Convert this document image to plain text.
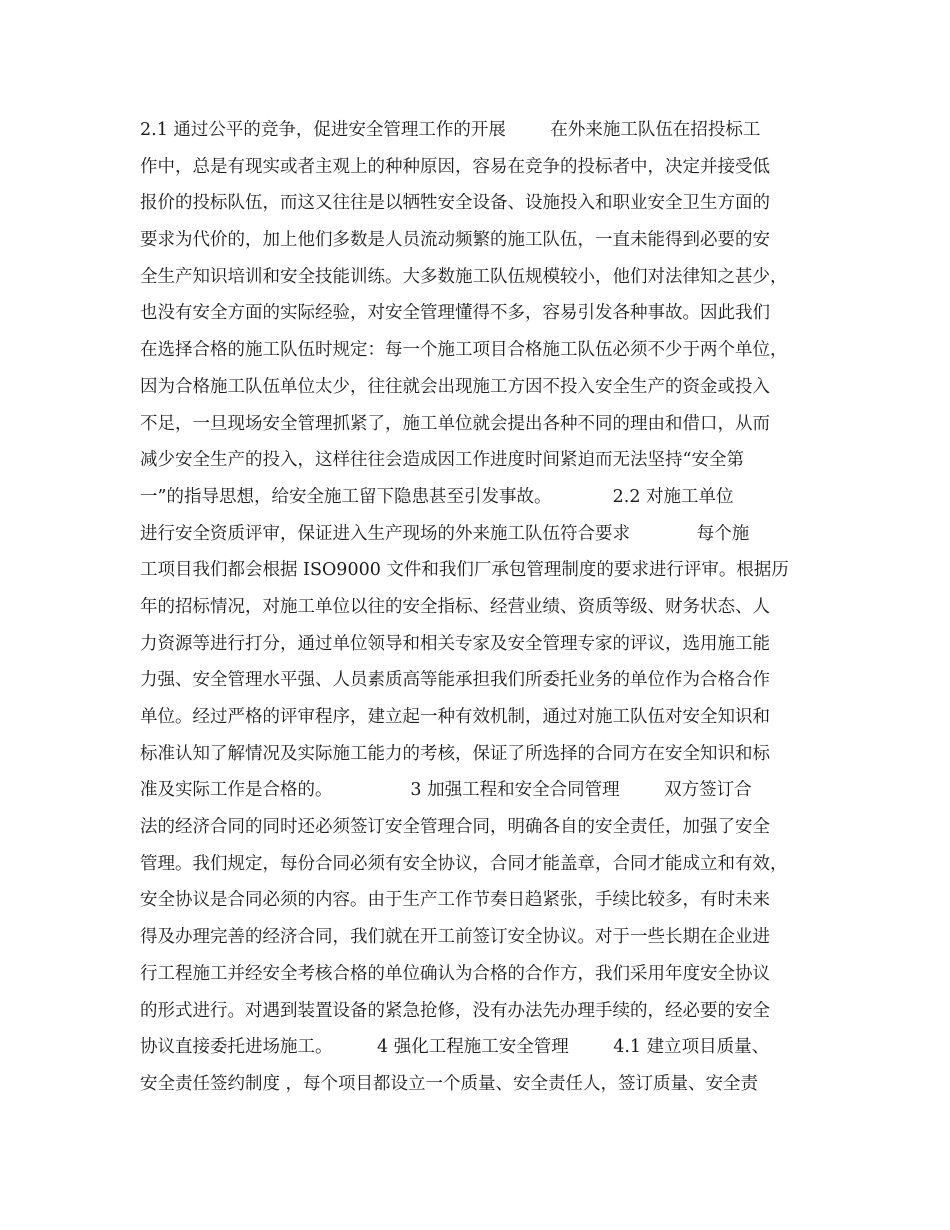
2.1 通过公平的竞争，促进安全管理工作的开展        在外来施工队伍在招投标工
作中，总是有现实或者主观上的种种原因，容易在竞争的投标者中，决定并接受低
报价的投标队伍，而这又往往是以牺牲安全设备、设施投入和职业安全卫生方面的
要求为代价的，加上他们多数是人员流动频繁的施工队伍，一直未能得到必要的安
全生产知识培训和安全技能训练。大多数施工队伍规模较小，他们对法律知之甚少，
也没有安全方面的实际经验，对安全管理懂得不多，容易引发各种事故。因此我们
在选择合格的施工队伍时规定：每一个施工项目合格施工队伍必须不少于两个单位，
因为合格施工队伍单位太少，往往就会出现施工方因不投入安全生产的资金或投入
不足，一旦现场安全管理抓紧了，施工单位就会提出各种不同的理由和借口，从而
减少安全生产的投入，这样往往会造成因工作进度时间紧迫而无法坚持“安全第
一”的指导思想，给安全施工留下隐患甚至引发事故。           2.2 对施工单位
进行安全资质评审，保证进入生产现场的外来施工队伍符合要求            每个施
工项目我们都会根据 ISO9000 文件和我们厂承包管理制度的要求进行评审。根据历
年的招标情况，对施工单位以往的安全指标、经营业绩、资质等级、财务状态、人
力资源等进行打分，通过单位领导和相关专家及安全管理专家的评议，选用施工能
力强、安全管理水平强、人员素质高等能承担我们所委托业务的单位作为合格合作
单位。经过严格的评审程序，建立起一种有效机制，通过对施工队伍对安全知识和
标准认知了解情况及实际施工能力的考核，保证了所选择的合同方在安全知识和标
准及实际工作是合格的。              3 加强工程和安全合同管理        双方签订合
法的经济合同的同时还必须签订安全管理合同，明确各自的安全责任，加强了安全
管理。我们规定，每份合同必须有安全协议，合同才能盖章，合同才能成立和有效，
安全协议是合同必须的内容。由于生产工作节奏日趋紧张，手续比较多，有时未来
得及办理完善的经济合同，我们就在开工前签订安全协议。对于一些长期在企业进
行工程施工并经安全考核合格的单位确认为合格的合作方，我们采用年度安全协议
的形式进行。对遇到装置设备的紧急抢修，没有办法先办理手续的，经必要的安全
协议直接委托进场施工。        4 强化工程施工安全管理        4.1 建立项目质量、
安全责任签约制度 ，每个项目都设立一个质量、安全责任人，签订质量、安全责
